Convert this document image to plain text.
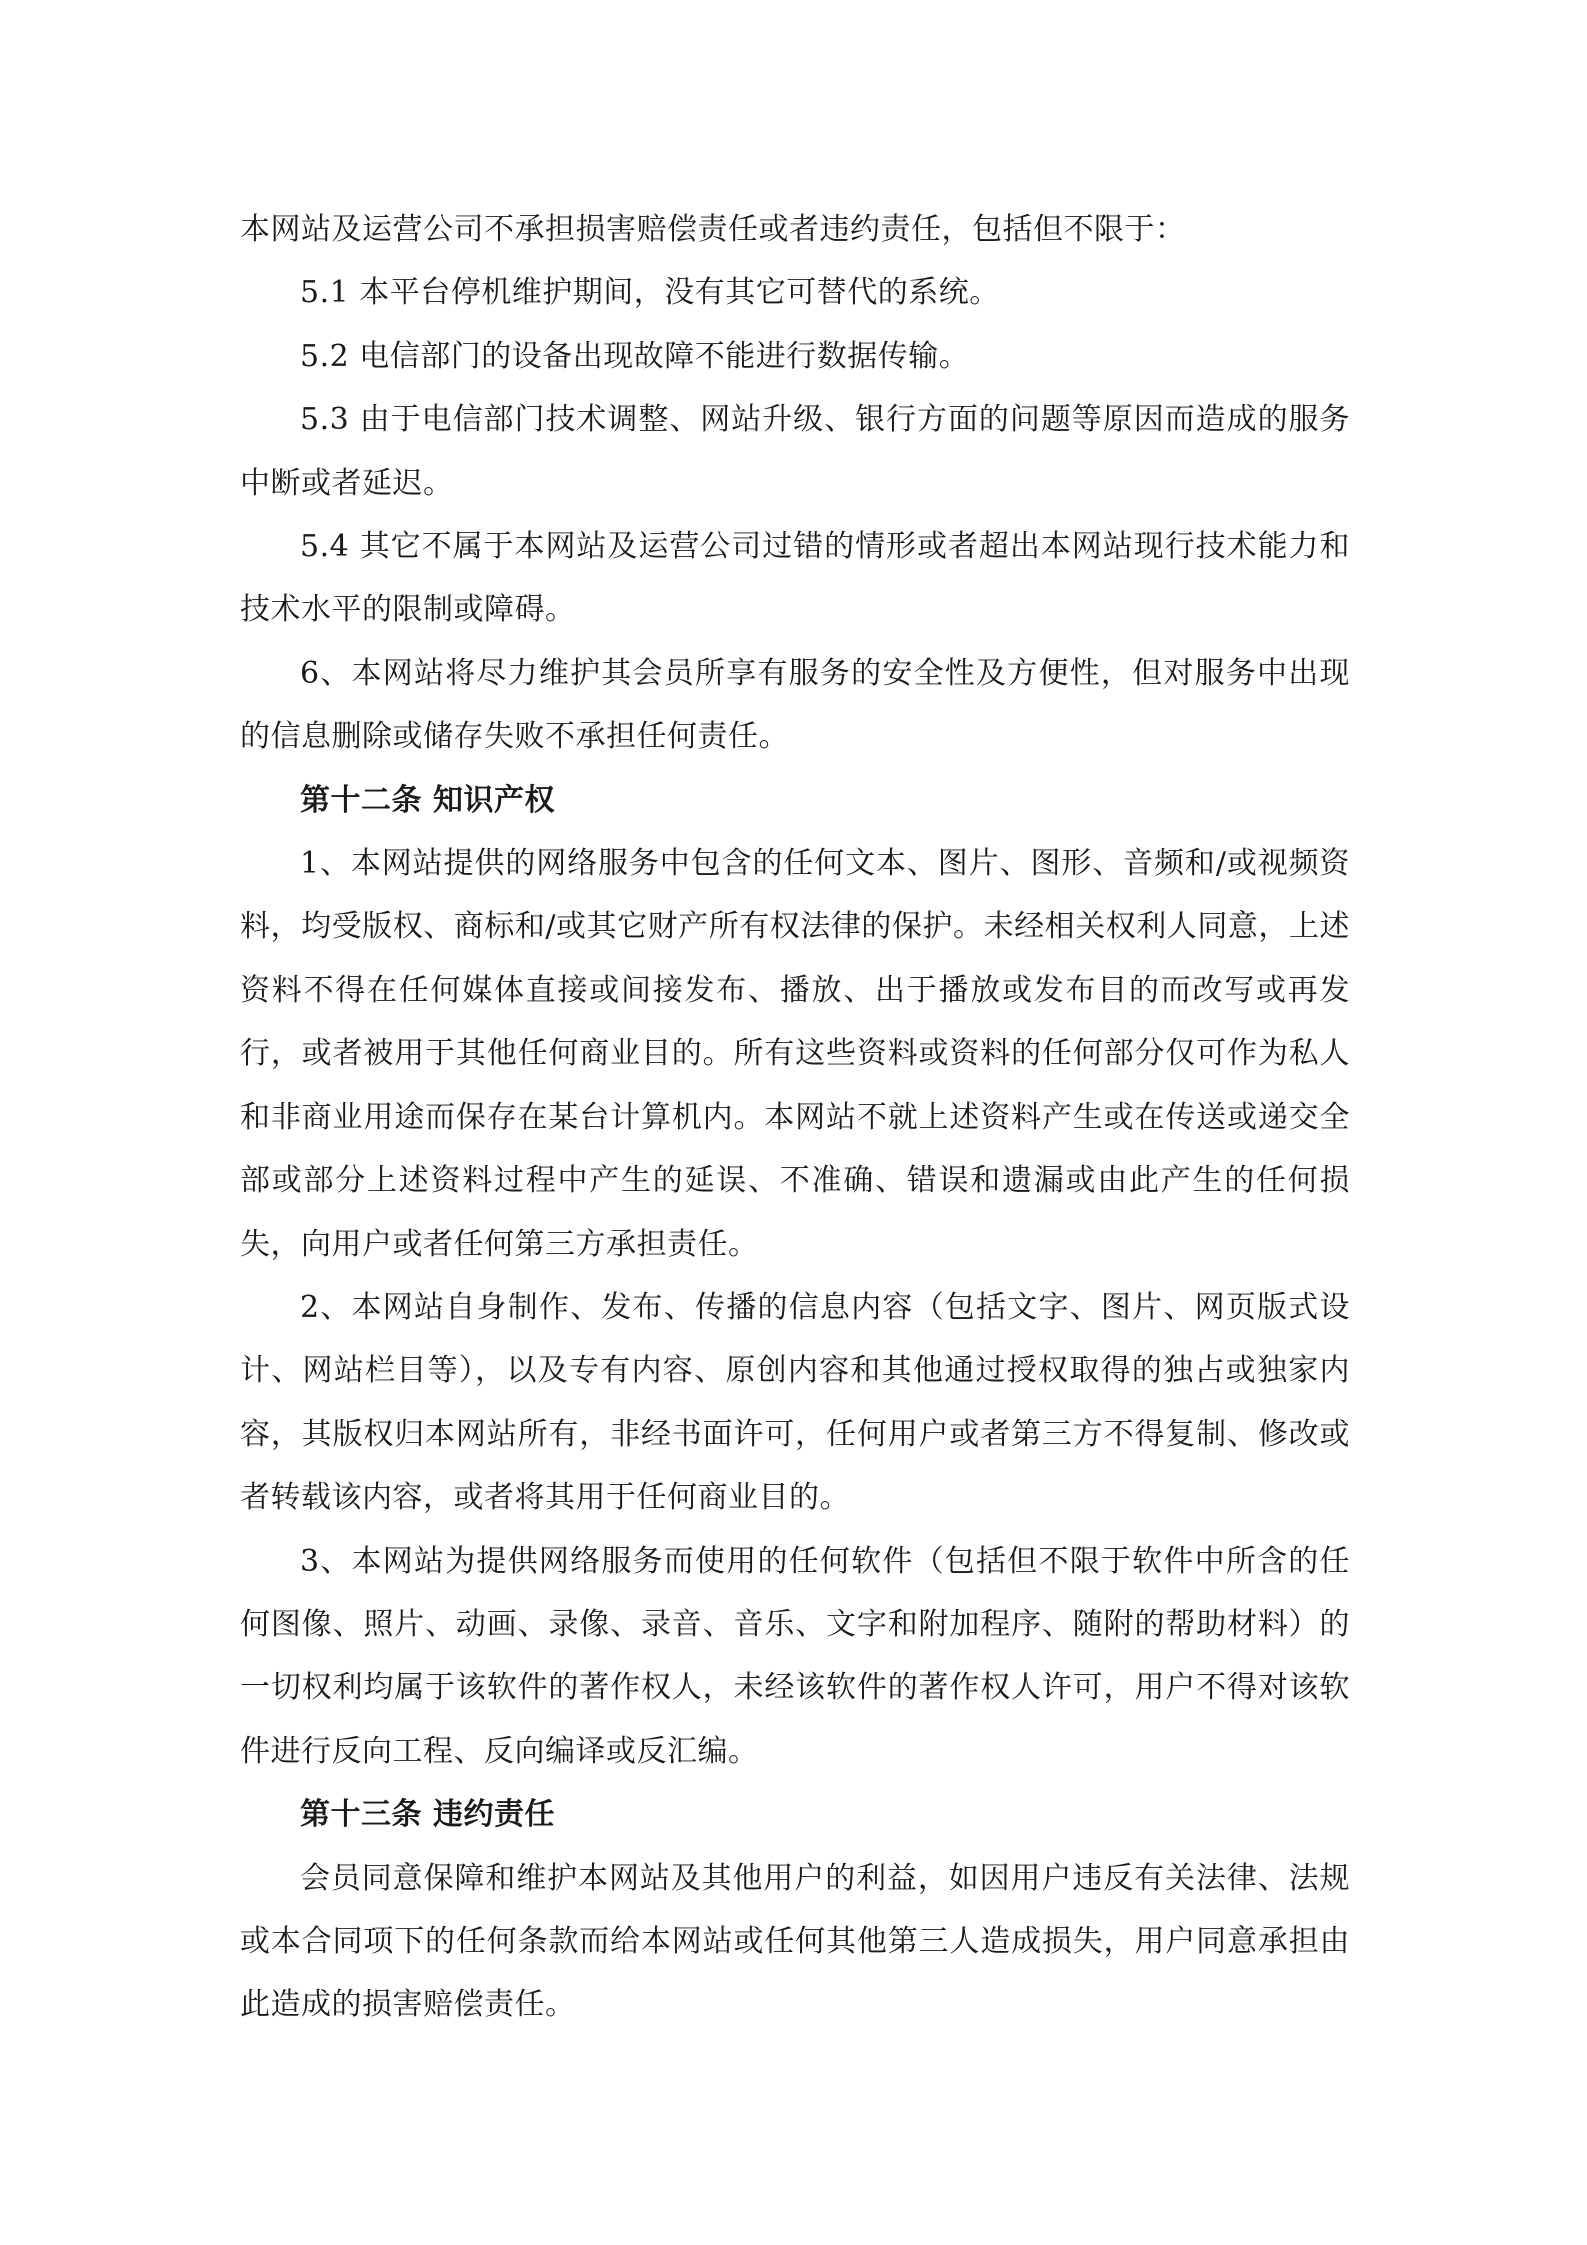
本网站及运营公司不承担损害赔偿责任或者违约责任，包括但不限于：

5.1 本平台停机维护期间，没有其它可替代的系统。

5.2 电信部门的设备出现故障不能进行数据传输。

5.3 由于电信部门技术调整、网站升级、银行方面的问题等原因而造成的服务中断或者延迟。

5.4 其它不属于本网站及运营公司过错的情形或者超出本网站现行技术能力和技术水平的限制或障碍。

6、本网站将尽力维护其会员所享有服务的安全性及方便性，但对服务中出现的信息删除或储存失败不承担任何责任。

第十二条 知识产权

1、本网站提供的网络服务中包含的任何文本、图片、图形、音频和/或视频资料，均受版权、商标和/或其它财产所有权法律的保护。未经相关权利人同意，上述资料不得在任何媒体直接或间接发布、播放、出于播放或发布目的而改写或再发行，或者被用于其他任何商业目的。所有这些资料或资料的任何部分仅可作为私人和非商业用途而保存在某台计算机内。本网站不就上述资料产生或在传送或递交全部或部分上述资料过程中产生的延误、不准确、错误和遗漏或由此产生的任何损失，向用户或者任何第三方承担责任。

2、本网站自身制作、发布、传播的信息内容（包括文字、图片、网页版式设计、网站栏目等），以及专有内容、原创内容和其他通过授权取得的独占或独家内容，其版权归本网站所有，非经书面许可，任何用户或者第三方不得复制、修改或者转载该内容，或者将其用于任何商业目的。

3、本网站为提供网络服务而使用的任何软件（包括但不限于软件中所含的任何图像、照片、动画、录像、录音、音乐、文字和附加程序、随附的帮助材料）的一切权利均属于该软件的著作权人，未经该软件的著作权人许可，用户不得对该软件进行反向工程、反向编译或反汇编。

第十三条 违约责任

会员同意保障和维护本网站及其他用户的利益，如因用户违反有关法律、法规或本合同项下的任何条款而给本网站或任何其他第三人造成损失，用户同意承担由此造成的损害赔偿责任。
